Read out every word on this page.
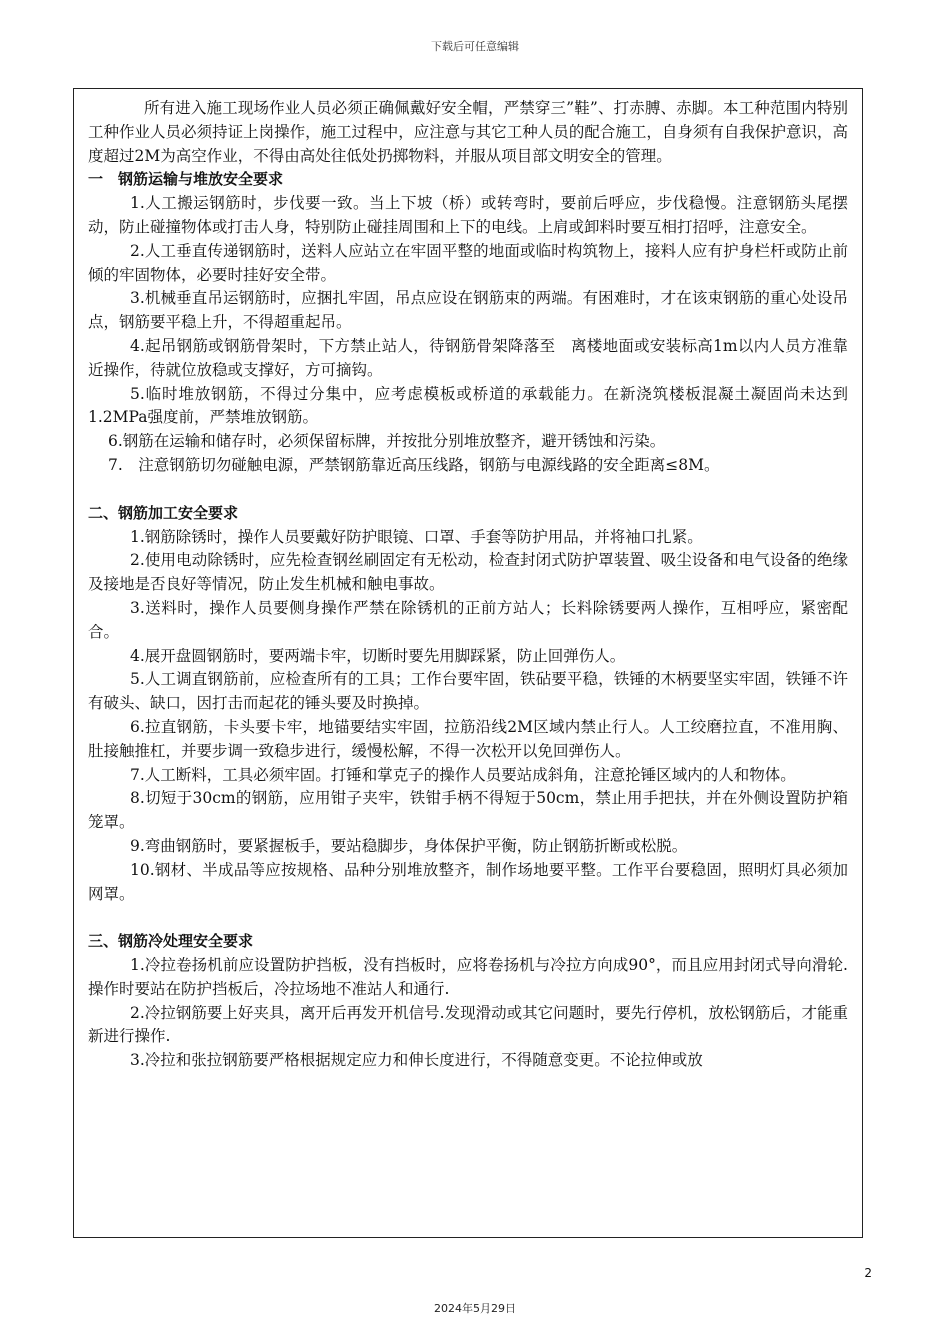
下载后可任意编辑

所有进入施工现场作业人员必须正确佩戴好安全帽，严禁穿三”鞋”、打赤膊、赤脚。本工种范围内特别工种作业人员必须持证上岗操作，施工过程中，应注意与其它工种人员的配合施工，自身须有自我保护意识，高度超过2M为高空作业，不得由高处往低处扔掷物料，并服从项目部文明安全的管理。

一　钢筋运输与堆放安全要求

1.人工搬运钢筋时，步伐要一致。当上下坡（桥）或转弯时，要前后呼应，步伐稳慢。注意钢筋头尾摆动，防止碰撞物体或打击人身，特别防止碰挂周围和上下的电线。上肩或卸料时要互相打招呼，注意安全。

2.人工垂直传递钢筋时，送料人应站立在牢固平整的地面或临时构筑物上，接料人应有护身栏杆或防止前倾的牢固物体，必要时挂好安全带。

3.机械垂直吊运钢筋时，应捆扎牢固，吊点应设在钢筋束的两端。有困难时，才在该束钢筋的重心处设吊点，钢筋要平稳上升，不得超重起吊。

4.起吊钢筋或钢筋骨架时，下方禁止站人，待钢筋骨架降落至　离楼地面或安装标高1m以内人员方准靠近操作，待就位放稳或支撑好，方可摘钩。

5.临时堆放钢筋，不得过分集中，应考虑模板或桥道的承载能力。在新浇筑楼板混凝土凝固尚未达到1.2MPa强度前，严禁堆放钢筋。

6.钢筋在运输和储存时，必须保留标牌，并按批分别堆放整齐，避开锈蚀和污染。

7.　注意钢筋切勿碰触电源，严禁钢筋靠近高压线路，钢筋与电源线路的安全距离≤8M。

二、钢筋加工安全要求

1.钢筋除锈时，操作人员要戴好防护眼镜、口罩、手套等防护用品，并将袖口扎紧。

2.使用电动除锈时，应先检查钢丝刷固定有无松动，检查封闭式防护罩装置、吸尘设备和电气设备的绝缘及接地是否良好等情况，防止发生机械和触电事故。

3.送料时，操作人员要侧身操作严禁在除锈机的正前方站人；长料除锈要两人操作，互相呼应，紧密配合。

4.展开盘圆钢筋时，要两端卡牢，切断时要先用脚踩紧，防止回弹伤人。

5.人工调直钢筋前，应检查所有的工具；工作台要牢固，铁砧要平稳，铁锤的木柄要坚实牢固，铁锤不许有破头、缺口，因打击而起花的锤头要及时换掉。

6.拉直钢筋，卡头要卡牢，地锚要结实牢固，拉筋沿线2M区域内禁止行人。人工绞磨拉直，不准用胸、肚接触推杠，并要步调一致稳步进行，缓慢松解，不得一次松开以免回弹伤人。

7.人工断料，工具必须牢固。打锤和掌克子的操作人员要站成斜角，注意抡锤区域内的人和物体。

8.切短于30cm的钢筋，应用钳子夹牢，铁钳手柄不得短于50cm，禁止用手把扶，并在外侧设置防护箱笼罩。

9.弯曲钢筋时，要紧握板手，要站稳脚步，身体保护平衡，防止钢筋折断或松脱。

10.钢材、半成品等应按规格、品种分别堆放整齐，制作场地要平整。工作平台要稳固，照明灯具必须加网罩。

三、钢筋冷处理安全要求

1.冷拉卷扬机前应设置防护挡板，没有挡板时，应将卷扬机与冷拉方向成90°，而且应用封闭式导向滑轮.操作时要站在防护挡板后，冷拉场地不准站人和通行.

2.冷拉钢筋要上好夹具，离开后再发开机信号.发现滑动或其它问题时，要先行停机，放松钢筋后，才能重新进行操作.

3.冷拉和张拉钢筋要严格根据规定应力和伸长度进行，不得随意变更。不论拉伸或放

2
2024年5月29日
